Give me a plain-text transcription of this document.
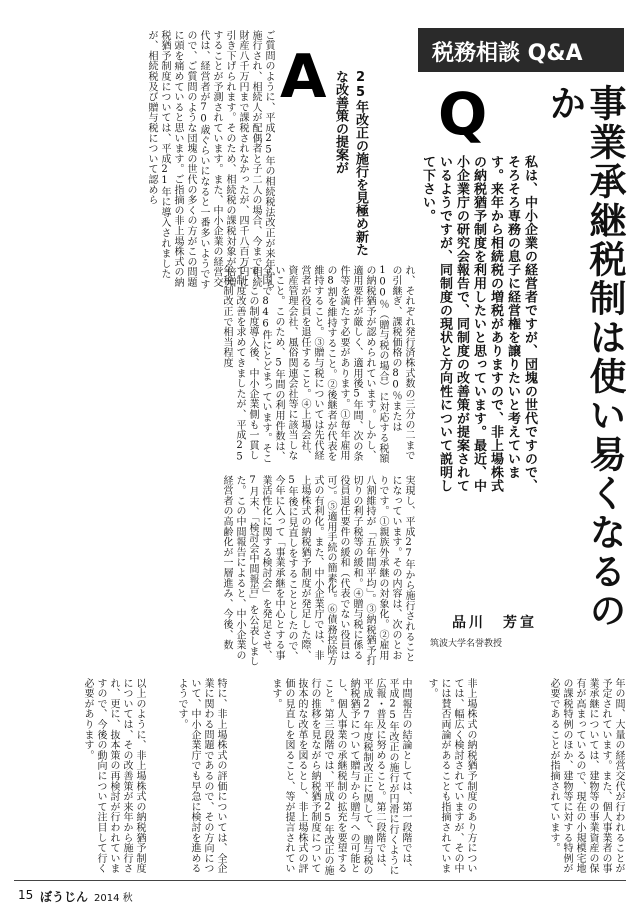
税務相談 Q&A
Q	事業承継税制は使い易くなるのか
私は、中小企業の経営者ですが、団塊の世代ですので、そろそろ専務の息子に経営権を譲りたいと考えています。来年から相続税の増税がありますので、非上場株式の納税猶予制度を利用したいと思っています。最近、中小企業庁の研究会報告で、同制度の改善策が提案されているようですが、同制度の現状と方向性について説明して下さい。
品川　芳宣
筑波大学名誉教授
A	25年改正の施行を見極め新たな改善策の提案が
ご質問のように、平成25年の相続税法改正が来年から施行され、相続人が配偶者と子二人の場合、今まで相続財産八千万円まで課税されなかったが、四千八百万円に引き下げられます。そのため、相続税の課税対象が倍増することが予測されています。また、中小企業の経営交代は、経営者が70歳ぐらいになると一番多いようですので、ご質問のような団塊の世代の多くの方がこの問題に頭を痛めていると思います。ご指摘の非上場株式の納税猶予制度については、平成21年に導入されましたが、相続税及び贈与税について認めら
れ、それぞれ発行済株式数の三分の二までの引継ぎ、課税価格の80％または100％（贈与税の場合）に対応する税額の納税猶予が認められています。しかし、適用要件が厳しく、適用後5年間、次の条件等を満たす必要があります。①毎年雇用の8割を維持すること。②後継者が代表を維持すること。③贈与税については先代経営者が役員を退任すること。④上場会社、資産管理会社、風俗関連会社等に該当しないこと。このため、5年間の利用件数は、全国で846件にとどまっています。そこで、この制度導入後、中小企業側も一貫して制度改善を求めてきましたが、平成25年税制改正で相当程度
実現し、平成27年から施行されることになっています。その内容は、次のとおりです。①親族外承継の対象化。②雇用八割維持が「五年間平均」。③納税猶予打切りの利子税等の緩和。④贈与税に係る役員退任要件の緩和（代表でない役員は可）。⑤適用手続の簡素化。⑥債務控除方式の有利化。また、中小企業庁では、非上場株式の納税猶予制度が発足した際、5年後に見直しをすることとしたので、今年に入って「事業承継を中心とする事業活性化に関する検討会」を発足させ、7月末、「検討会中間報告」を公表しました。この中間報告によると、中小企業の経営者の高齢化が一層進み、今後、数
年の間、大量の経営交代が行われることが予定されています。また、個人事業者の事業承継については、建物等の事業資産の保有が高まっているので、現在の小規模宅地の課税特例のほか、建物等に対する特例が必要であることが指摘されています。
非上場株式の納税猶予制度のあり方については、幅広く検討されていますが、その中には賛否両論があることも指摘されています。
中間報告の結論としては、第一段階では、平成25年改正の施行が円滑に行くように広報・普及に努めること。第二段階では、平成27年度税制改正に関して、贈与税の納税猶予について贈与から贈与への可能とし、個人事業の承継税制の拡充を要望すること。第三段階では、平成25年改正の施行の推移を見ながら納税猶予制度について抜本的な改革を図るとし、非上場株式の評価の見直しを図ること、等が提言されています。
特に、非上場株式の評価については、全企業に関わる問題であるので、その方向について、中小企業庁でも早急に検討を進めるようです。
以上のように、非上場株式の納税猶予制度については、その改善策が来年から施行され、更に、抜本策の再検討が行われていますので、今後の動向について注目して行く必要があります。
15 ぼうじん 2014 秋
